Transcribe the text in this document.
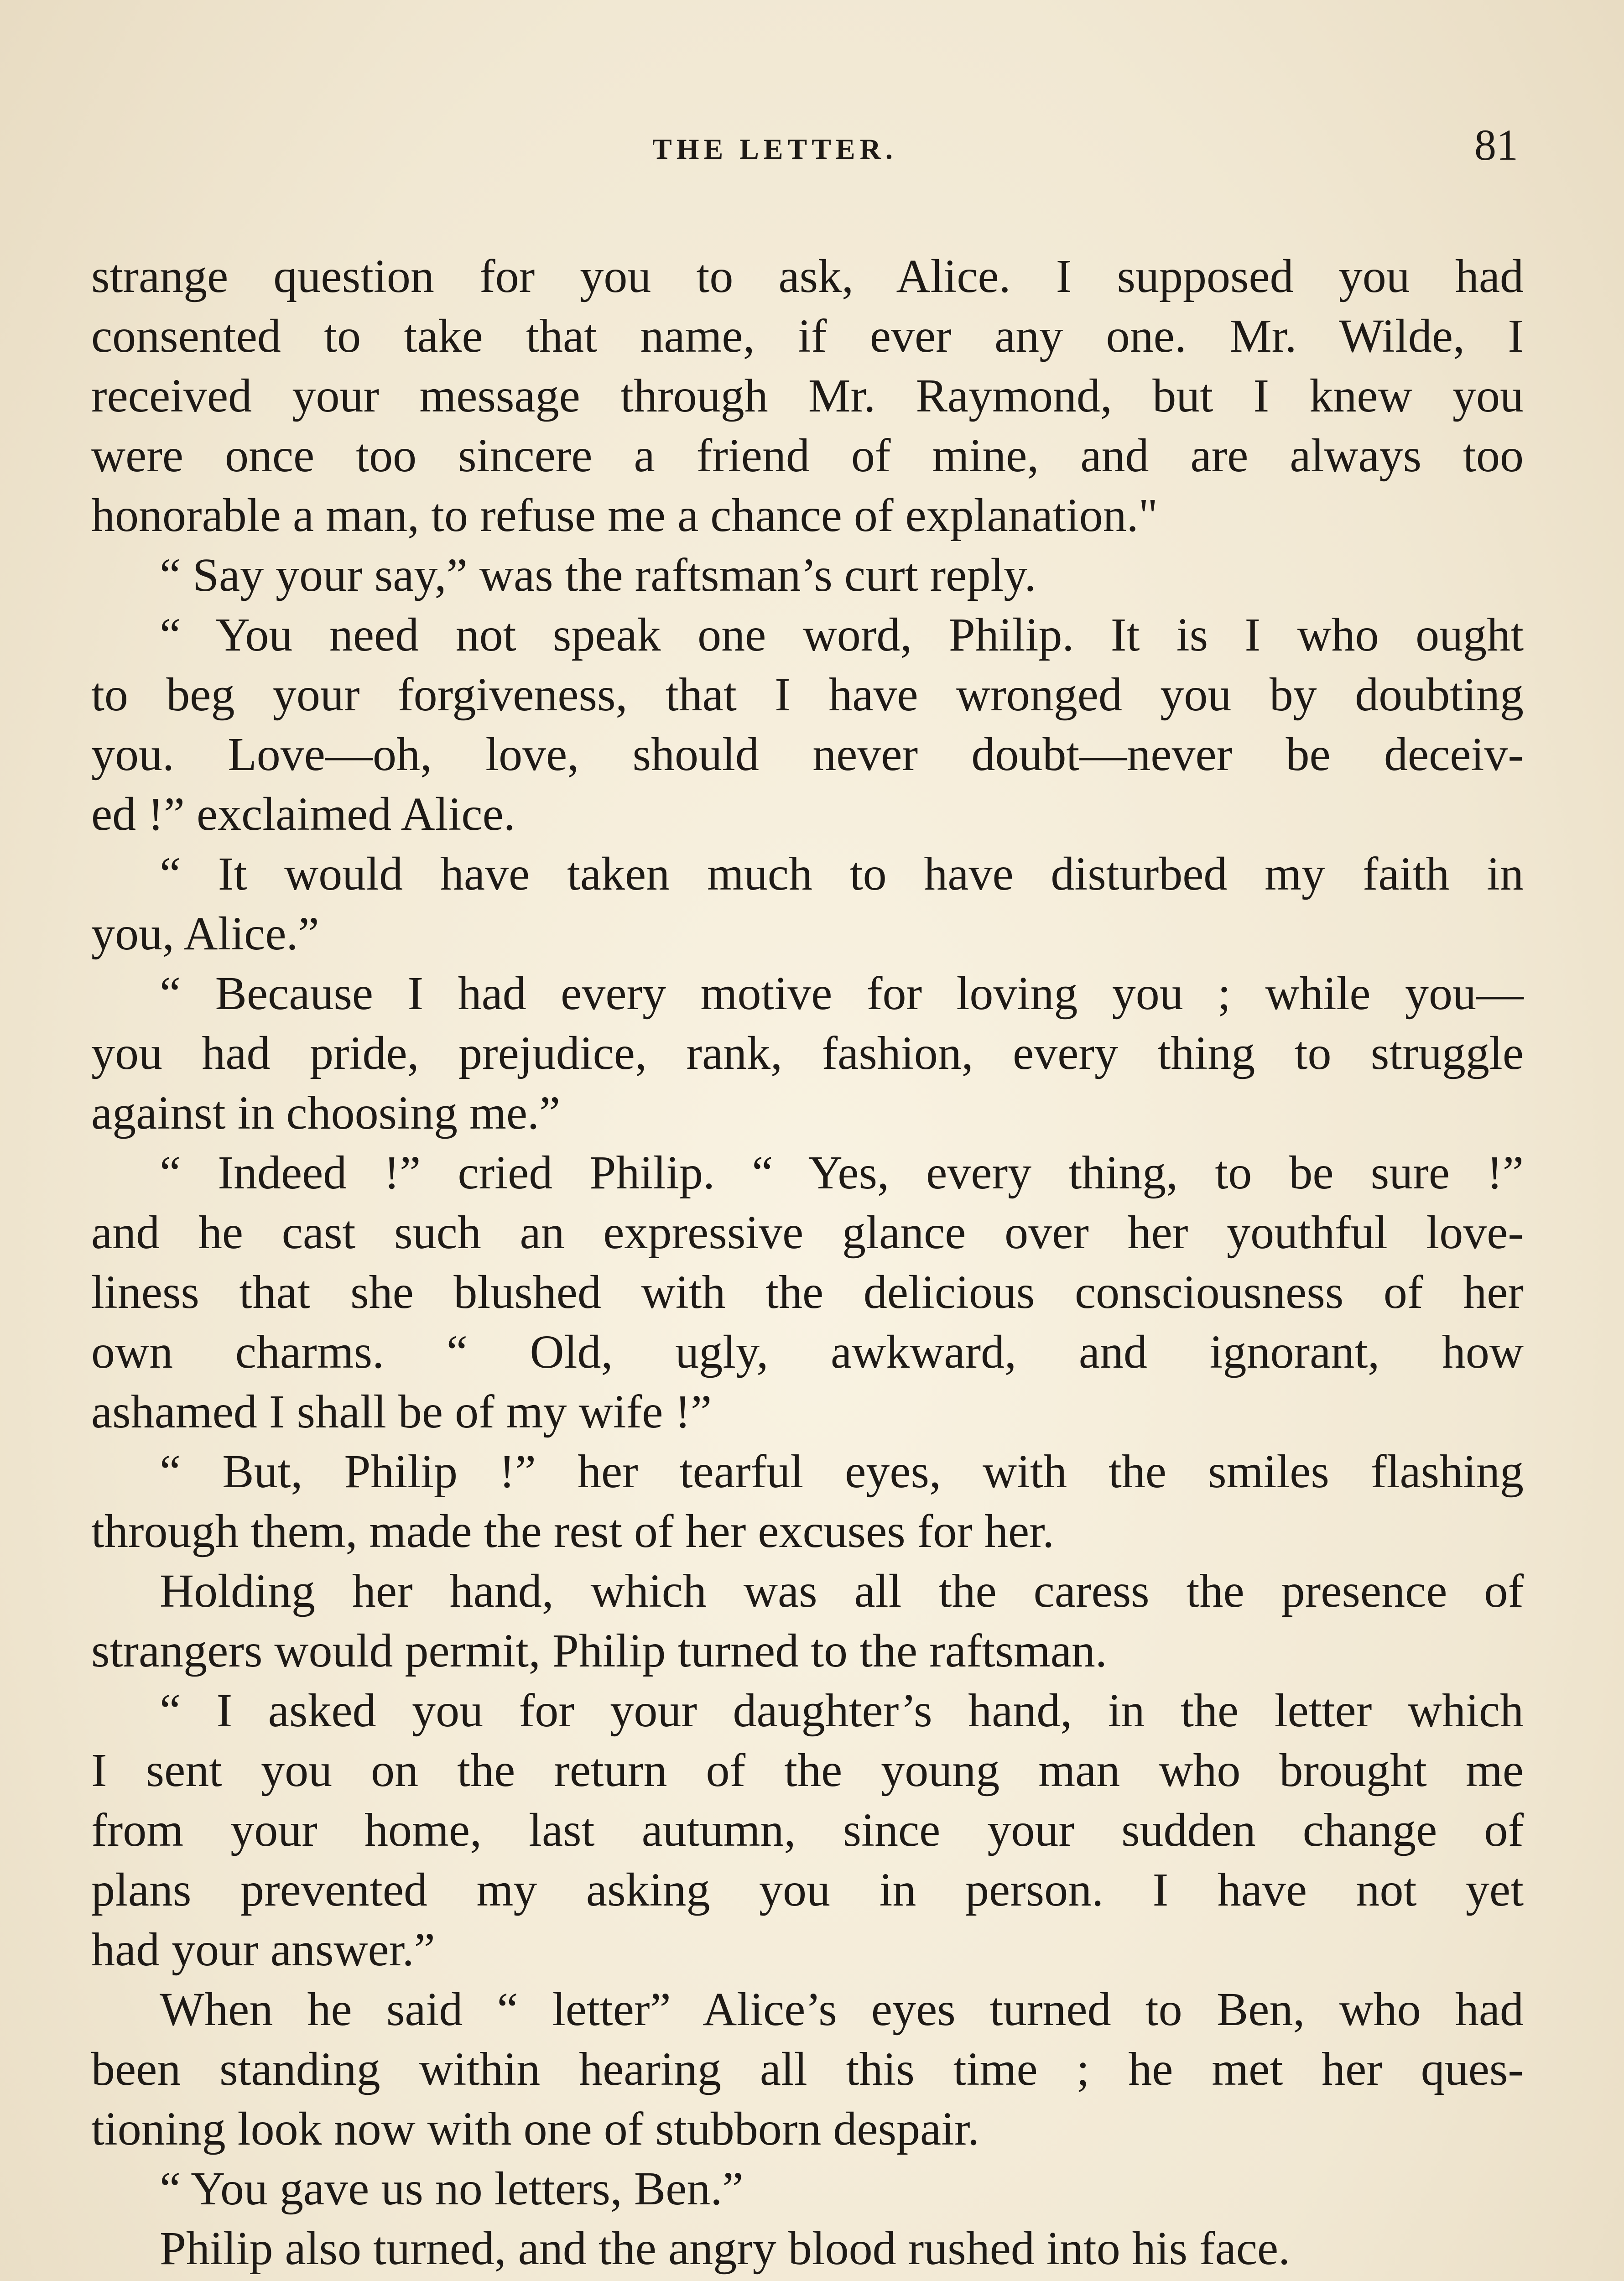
THE LETTER.	81
strange question for you to ask, Alice. I supposed you had
consented to take that name, if ever any one. Mr. Wilde, I
received your message through Mr. Raymond, but I knew you
were once too sincere a friend of mine, and are always too
honorable a man, to refuse me a chance of explanation."
“ Say your say,” was the raftsman’s curt reply.
“ You need not speak one word, Philip. It is I who ought
to beg your forgiveness, that I have wronged you by doubting
you. Love—oh, love, should never doubt—never be deceiv-
ed !” exclaimed Alice.
“ It would have taken much to have disturbed my faith in
you, Alice.”
“ Because I had every motive for loving you ; while you—
you had pride, prejudice, rank, fashion, every thing to struggle
against in choosing me.”
“ Indeed !” cried Philip. “ Yes, every thing, to be sure !”
and he cast such an expressive glance over her youthful love-
liness that she blushed with the delicious consciousness of her
own charms. “ Old, ugly, awkward, and ignorant, how
ashamed I shall be of my wife !”
“ But, Philip !” her tearful eyes, with the smiles flashing
through them, made the rest of her excuses for her.
Holding her hand, which was all the caress the presence of
strangers would permit, Philip turned to the raftsman.
“ I asked you for your daughter’s hand, in the letter which
I sent you on the return of the young man who brought me
from your home, last autumn, since your sudden change of
plans prevented my asking you in person. I have not yet
had your answer.”
When he said “ letter” Alice’s eyes turned to Ben, who had
been standing within hearing all this time ; he met her ques-
tioning look now with one of stubborn despair.
“ You gave us no letters, Ben.”
Philip also turned, and the angry blood rushed into his face.
